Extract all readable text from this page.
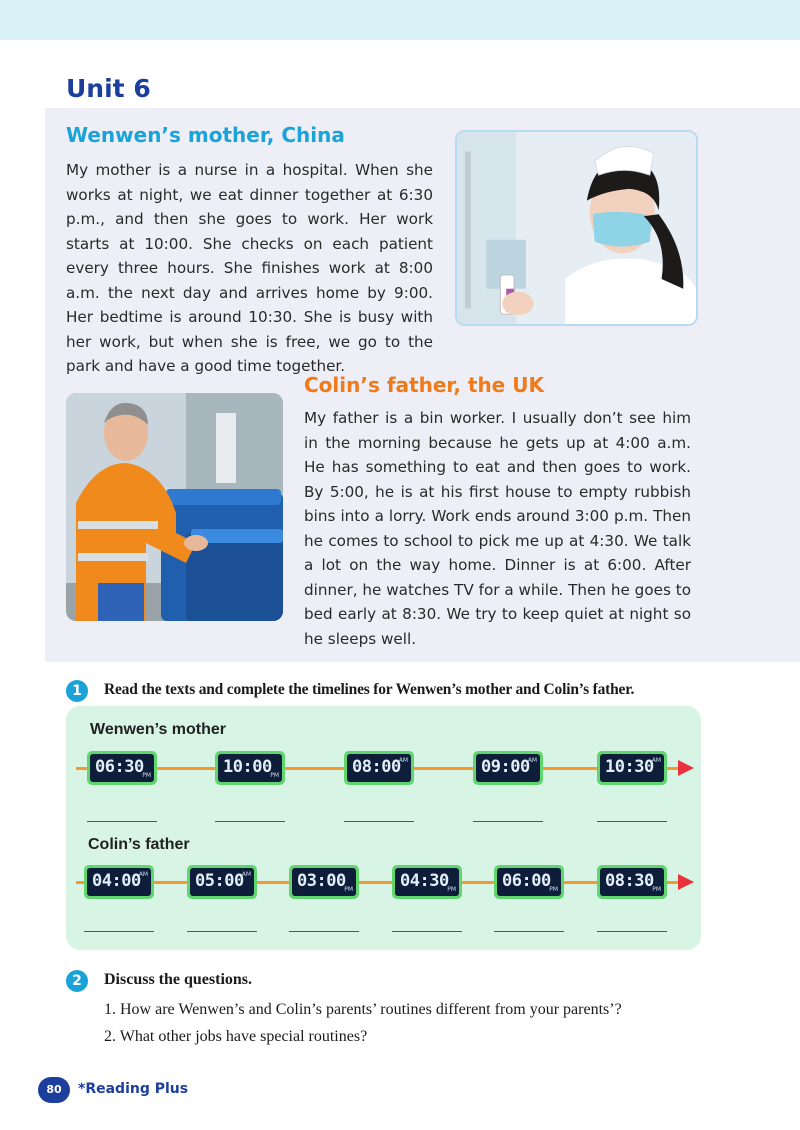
Unit 6
Wenwen’s mother, China

My mother is a nurse in a hospital. When she works at night, we eat dinner together at 6:30 p.m., and then she goes to work. Her work starts at 10:00. She checks on each patient every three hours. She finishes work at 8:00 a.m. the next day and arrives home by 9:00. Her bedtime is around 10:30. She is busy with her work, but when she is free, we go to the park and have a good time together.

Colin’s father, the UK

My father is a bin worker. I usually don’t see him in the morning because he gets up at 4:00 a.m. He has something to eat and then goes to work. By 5:00, he is at his first house to empty rubbish bins into a lorry. Work ends around 3:00 p.m. Then he comes to school to pick me up at 4:30. We talk a lot on the way home. Dinner is at 6:00. After dinner, he watches TV for a while. Then he goes to bed early at 8:30. We try to keep quiet at night so he sleeps well.

1	Read the texts and complete the timelines for Wenwen’s mother and Colin’s father.
Wenwen’s mother
Colin’s father
06:30
PM	10:00
PM	08:00
AM	09:00
AM	10:30
AM
04:00
AM	05:00
AM	03:00
PM	04:30
PM	06:00
PM	08:30
PM
2	Discuss the questions.
1. How are Wenwen’s and Colin’s parents’ routines different from your parents’?
2. What other jobs have special routines?
80	*Reading Plus
